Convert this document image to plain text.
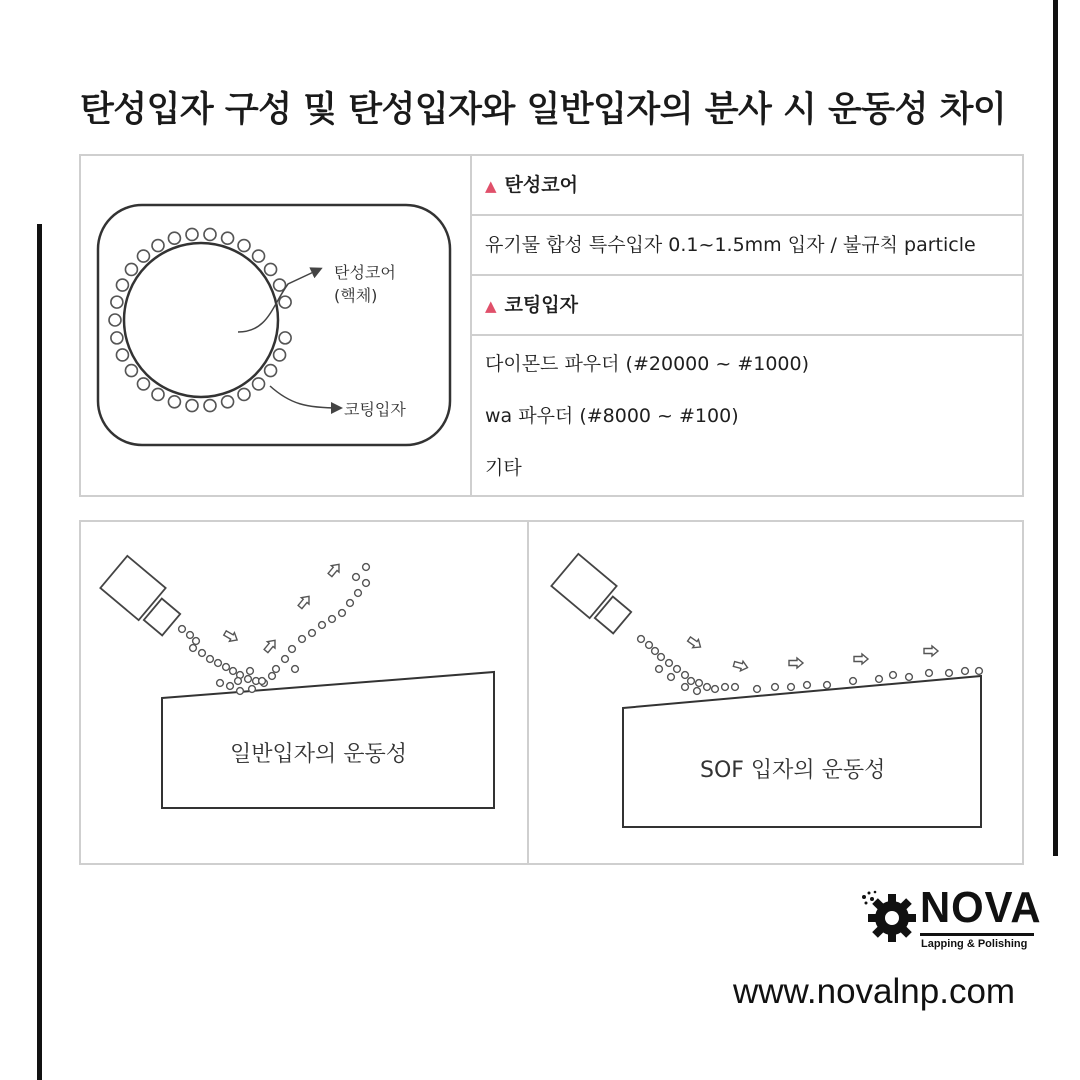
탄성입자 구성 및 탄성입자와 일반입자의 분사 시 운동성 차이
▲ 탄성코어
유기물 합성 특수입자 0.1~1.5mm 입자 / 불규칙 particle
▲ 코팅입자
다이몬드 파우더 (#20000 ~ #1000)
wa 파우더 (#8000 ~ #100)
기타
탄성코어
(핵체)
코팅입자
일반입자의 운동성
SOF 입자의 운동성
NOVA
Lapping & Polishing
www.novalnp.com
